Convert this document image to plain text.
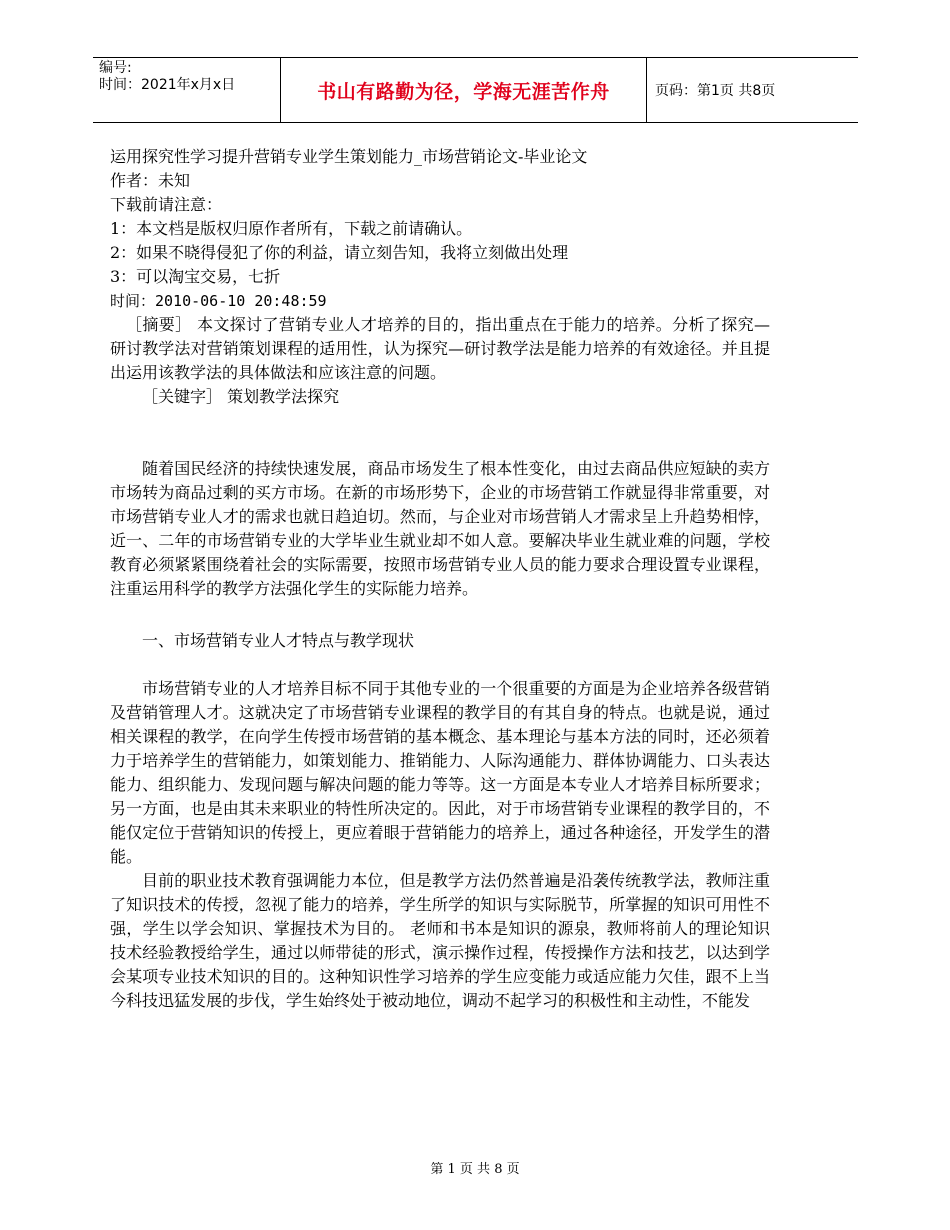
编号:
时间：2021年x月x日	书山有路勤为径，学海无涯苦作舟	页码：第1页 共8页

运用探究性学习提升营销专业学生策划能力_市场营销论文-毕业论文

作者：未知

下载前请注意：

1：本文档是版权归原作者所有，下载之前请确认。

2：如果不晓得侵犯了你的利益，请立刻告知，我将立刻做出处理

3：可以淘宝交易，七折

时间：2010-06-10 20:48:59

［摘要］ 本文探讨了营销专业人才培养的目的，指出重点在于能力的培养。分析了探究—研讨教学法对营销策划课程的适用性，认为探究—研讨教学法是能力培养的有效途径。并且提出运用该教学法的具体做法和应该注意的问题。

［关键字］ 策划教学法探究

随着国民经济的持续快速发展，商品市场发生了根本性变化，由过去商品供应短缺的卖方市场转为商品过剩的买方市场。在新的市场形势下，企业的市场营销工作就显得非常重要，对市场营销专业人才的需求也就日趋迫切。然而，与企业对市场营销人才需求呈上升趋势相悖，近一、二年的市场营销专业的大学毕业生就业却不如人意。要解决毕业生就业难的问题，学校教育必须紧紧围绕着社会的实际需要，按照市场营销专业人员的能力要求合理设置专业课程，注重运用科学的教学方法强化学生的实际能力培养。

一、市场营销专业人才特点与教学现状

市场营销专业的人才培养目标不同于其他专业的一个很重要的方面是为企业培养各级营销及营销管理人才。这就决定了市场营销专业课程的教学目的有其自身的特点。也就是说，通过相关课程的教学，在向学生传授市场营销的基本概念、基本理论与基本方法的同时，还必须着力于培养学生的营销能力，如策划能力、推销能力、人际沟通能力、群体协调能力、口头表达能力、组织能力、发现问题与解决问题的能力等等。这一方面是本专业人才培养目标所要求；另一方面，也是由其未来职业的特性所决定的。因此，对于市场营销专业课程的教学目的，不能仅定位于营销知识的传授上，更应着眼于营销能力的培养上，通过各种途径，开发学生的潜能。

目前的职业技术教育强调能力本位，但是教学方法仍然普遍是沿袭传统教学法，教师注重了知识技术的传授，忽视了能力的培养，学生所学的知识与实际脱节，所掌握的知识可用性不强，学生以学会知识、掌握技术为目的。 老师和书本是知识的源泉，教师将前人的理论知识技术经验教授给学生，通过以师带徒的形式，演示操作过程，传授操作方法和技艺，以达到学会某项专业技术知识的目的。这种知识性学习培养的学生应变能力或适应能力欠佳，跟不上当今科技迅猛发展的步伐，学生始终处于被动地位，调动不起学习的积极性和主动性，不能发

第 1 页 共 8 页
